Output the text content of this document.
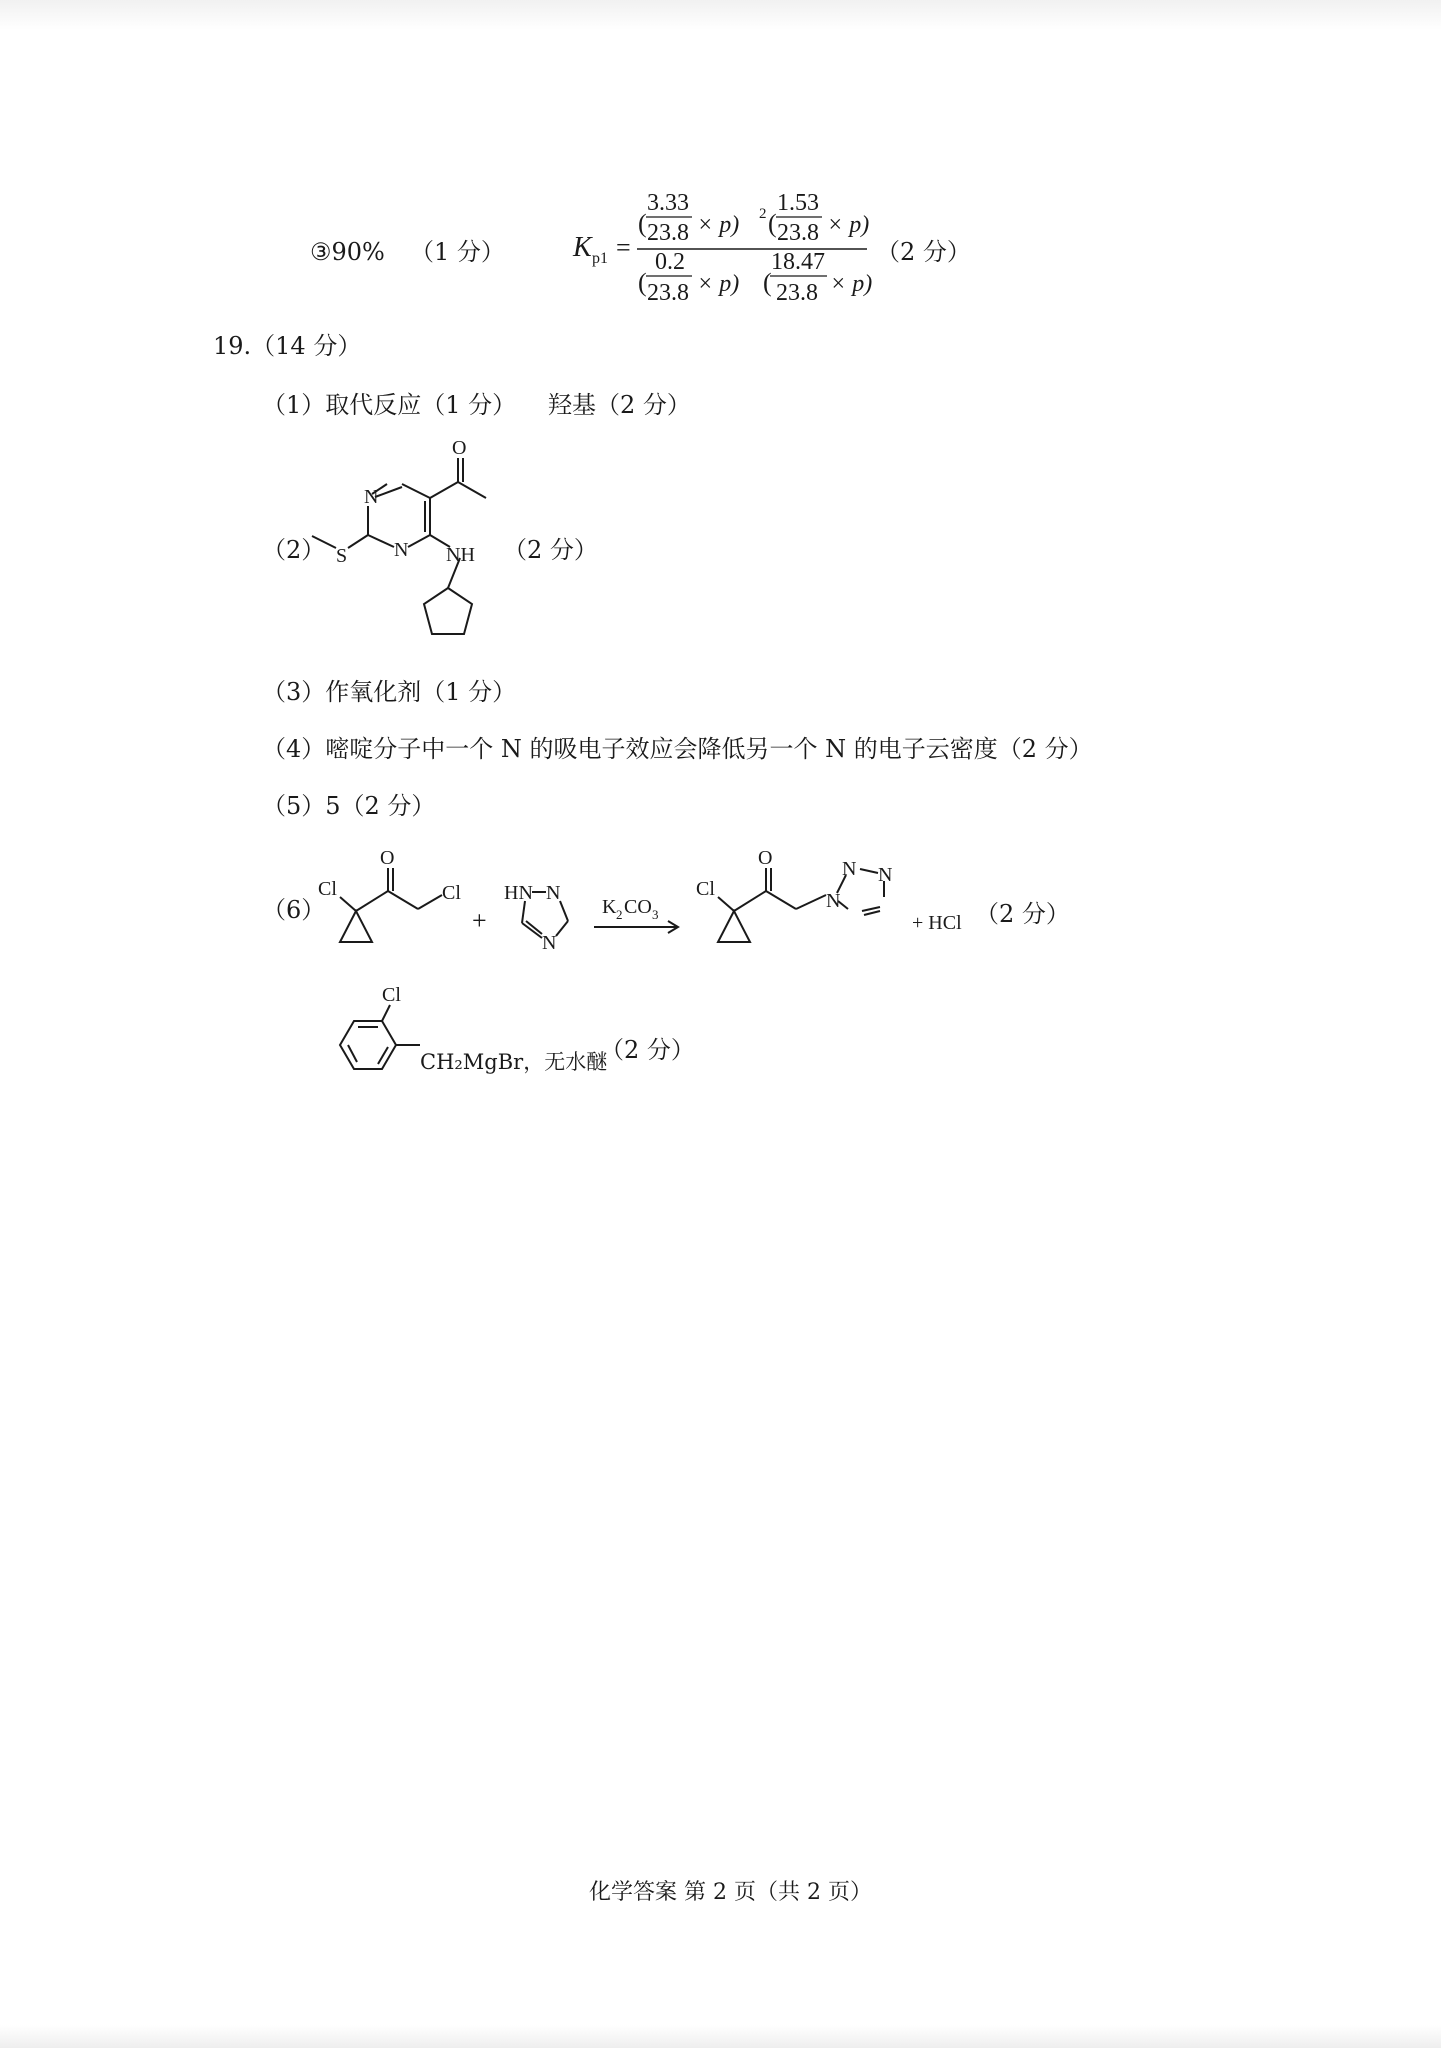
③90% （1 分） K p1 =
(
3.33
23.8 × p) 2 (
1.53
23.8 × p)
(
0.2
23.8 × p) (
18.47
23.8 × p)
（2 分）
19.（14 分）
（1）取代反应（1 分） 羟基（2 分）
（2）
O
N
N
S	NH （2 分）
（3）作氧化剂（1 分）
（4）嘧啶分子中一个 N 的吸电子效应会降低另一个 N 的电子云密度（2 分）
（5）5（2 分）
（6）
Cl
O
Cl
+
HN N
N
K 2 CO 3
Cl
O
N
N N
+ HCl （2 分）
Cl
CH₂MgBr，无水醚
（2 分）
化学答案 第 2 页（共 2 页）
